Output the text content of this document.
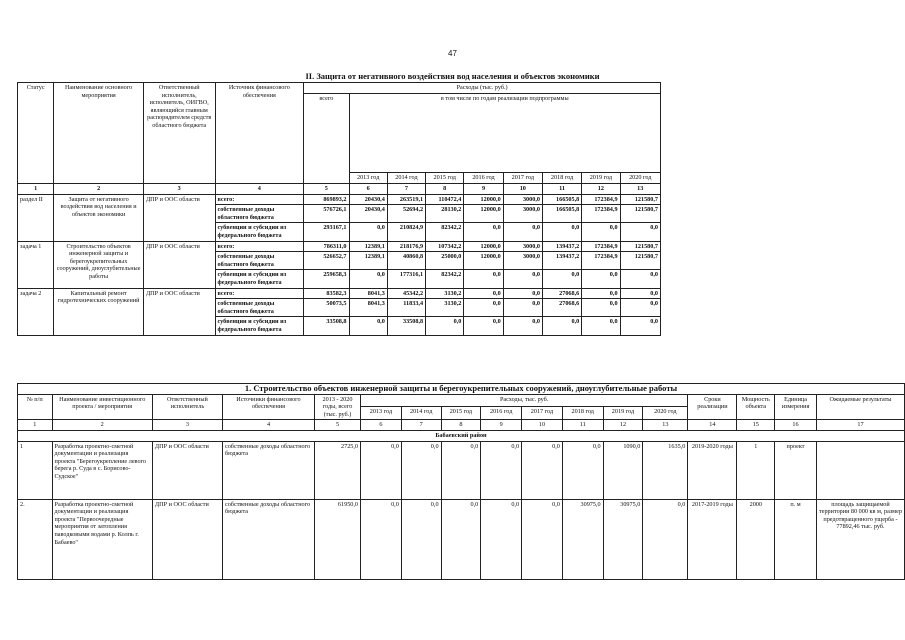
47
II. Защита от негативного воздействия вод населения и объектов экономики
Статус	Наименование основного мероприятия	Ответственный исполнитель, исполнитель, ОИГВО, являющийся главным распорядителем средств областного бюджета	Источник финансового обеспечения	Расходы (тыс. руб.)								
				всего	в том числе по годам реализации подпрограммы							
					2013 год	2014 год	2015 год	2016 год	2017 год	2018 год	2019 год	2020 год
1	2	3	4	5	6	7	8	9	10	11	12	13
раздел II	Защита от негативного воздействия вод населения и объектов экономики	ДПР и ООС области	всего:	869893,2	20430,4	263519,1	110472,4	12000,0	3000,0	166505,8	172384,9	121580,7
			собственные доходы областного бюджета	576726,1	20430,4	52694,2	28130,2	12000,0	3000,0	166505,8	172384,9	121580,7
			субвенции и субсидии из федерального бюджета	293167,1	0,0	210824,9	82342,2	0,0	0,0	0,0	0,0	0,0
задача 1	Строительство объектов инженерной защиты и берегоукрепительных сооружений, дноуглубительные работы	ДПР и ООС области	всего:	786311,0	12389,1	218176,9	107342,2	12000,0	3000,0	139437,2	172384,9	121580,7
			собственные доходы областного бюджета	526652,7	12389,1	40860,8	25000,0	12000,0	3000,0	139437,2	172384,9	121580,7
			субвенции и субсидии из федерального бюджета	259658,3	0,0	177316,1	82342,2	0,0	0,0	0,0	0,0	0,0
задача 2	Капитальный ремонт гидротехнических сооружений	ДПР и ООС области	всего:	83582,3	8041,3	45342,2	3130,2	0,0	0,0	27068,6	0,0	0,0
			собственные доходы областного бюджета	50073,5	8041,3	11833,4	3130,2	0,0	0,0	27068,6	0,0	0,0
			субвенции и субсидии из федерального бюджета	33508,8	0,0	33508,8	0,0	0,0	0,0	0,0	0,0	0,0
1. Строительство объектов инженерной защиты и берегоукрепительных сооружений, дноуглубительные работы																
№ п/п	Наименование инвестиционного проекта / мероприятия	Ответственный исполнитель	Источники финансового обеспечения	2013 - 2020 годы, всего (тыс. руб.)	Расходы, тыс. руб.								Сроки реализации	Мощность объекта	Единица измерения	Ожидаемые результаты
					2013 год	2014 год	2015 год	2016 год	2017 год	2018 год	2019 год	2020 год				
1	2	3	4	5	6	7	8	9	10	11	12	13	14	15	16	17
Бабаевский район																
1	Разработка проектно-сметной документации и реализация проекта "Берегоукрепление левого берега р. Суда в с. Борисово-Судское"	ДПР и ООС области	собственные доходы областного бюджета	2725,0	0,0	0,0	0,0	0,0	0,0	0,0	1090,0	1635,0	2019-2020 годы	1	проект	
2.	Разработка проектно-сметной документации и реализация проекта "Первоочередные мероприятия от затопления паводковыми водами р. Колпь г. Бабаево"	ДПР и ООС области	собственные доходы областного бюджета	61950,0	0,0	0,0	0,0	0,0	0,0	30975,0	30975,0	0,0	2017-2019 годы	2000	п. м	площадь защищаемой территории 80 000 кв м, размер предотвращенного ущерба - 77892,46 тыс. руб.
